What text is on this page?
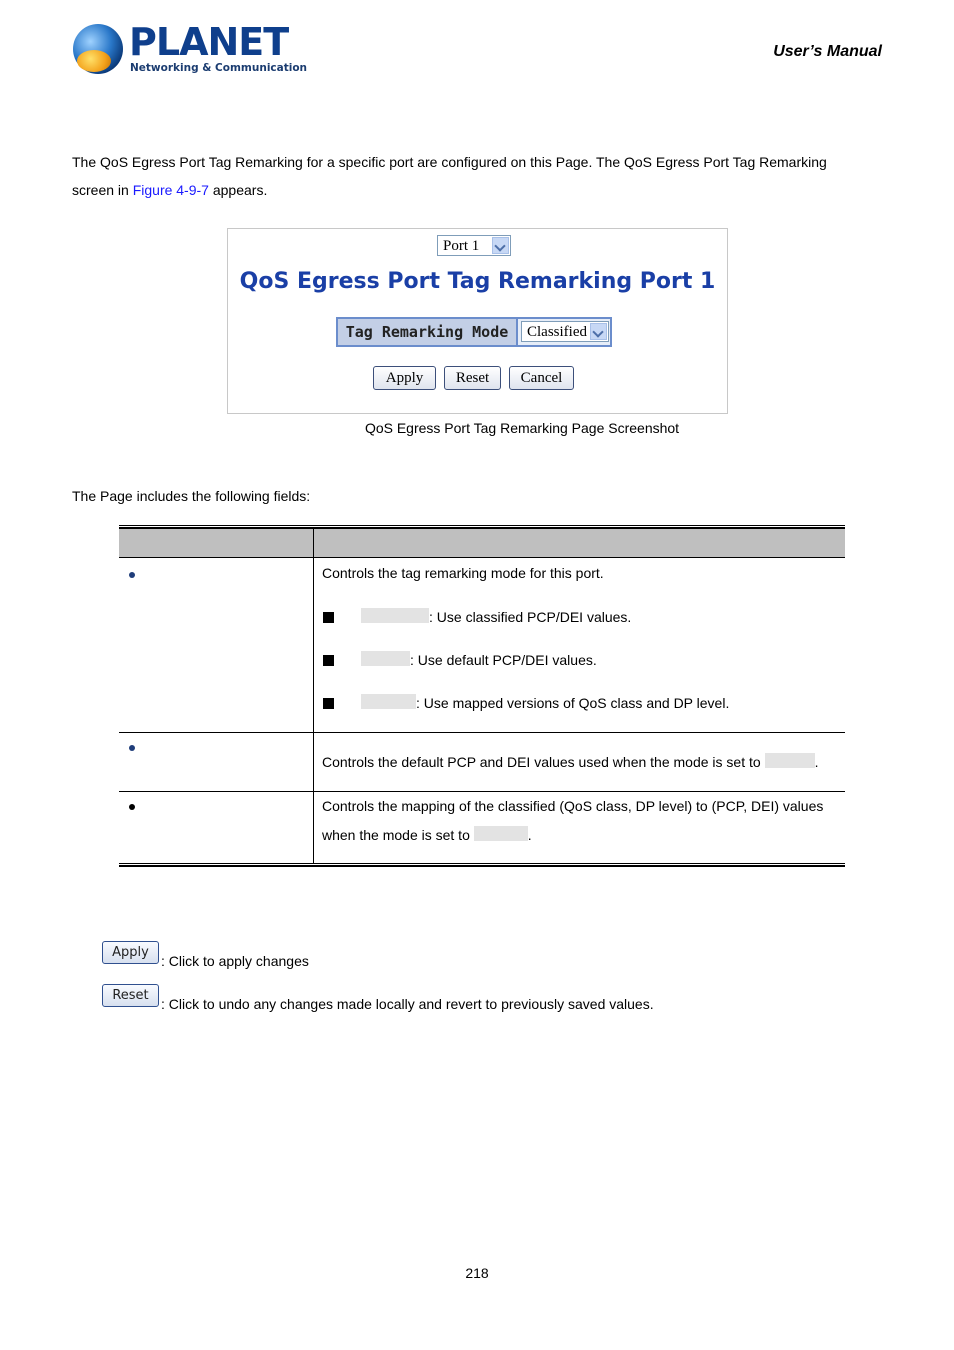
PLANET
Networking & Communication
User’s Manual
The QoS Egress Port Tag Remarking for a specific port are configured on this Page. The QoS Egress Port Tag Remarking
screen in Figure 4-9-7 appears.
Port 1
QoS Egress Port Tag Remarking Port 1
Tag Remarking Mode	Classified
Apply	Reset	Cancel
QoS Egress Port Tag Remarking Page Screenshot
The Page includes the following fields:
Controls the tag remarking mode for this port.
: Use classified PCP/DEI values.
: Use default PCP/DEI values.
: Use mapped versions of QoS class and DP level.
Controls the default PCP and DEI values used when the mode is set to	.
Controls the mapping of the classified (QoS class, DP level) to (PCP, DEI) values
when the mode is set to	.
Apply
: Click to apply changes
Reset
: Click to undo any changes made locally and revert to previously saved values.
218
